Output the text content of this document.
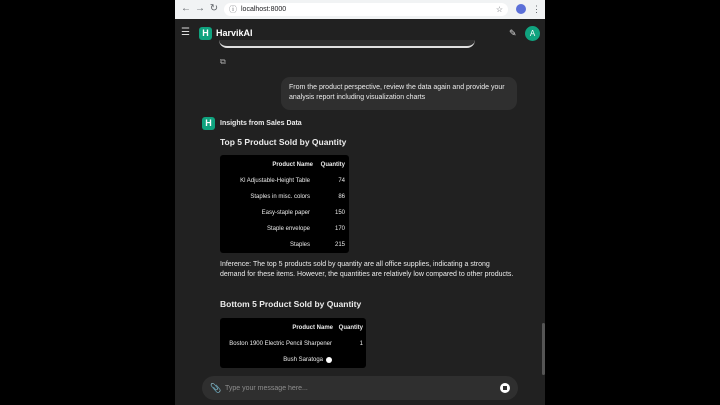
← → ↻ ⓘ localhost:8000	☆	⋮
☰	H HarvikAI	✎	A
⧉
From the product perspective, review the data again and provide your analysis report including visualization charts
H	Insights from Sales Data
Top 5 Product Sold by Quantity
Product Name Quantity
Kl Adjustable-Height Table	74
Staples in misc. colors	86
Easy-staple paper	150
Staple envelope	170
Staples	215
Inference: The top 5 products sold by quantity are all office supplies, indicating a strong demand for these items. However, the quantities are relatively low compared to other products.
Bottom 5 Product Sold by Quantity
Product Name Quantity
Boston 1900 Electric Pencil Sharpener	1
Bush Saratoga
📎
Type your message here...
